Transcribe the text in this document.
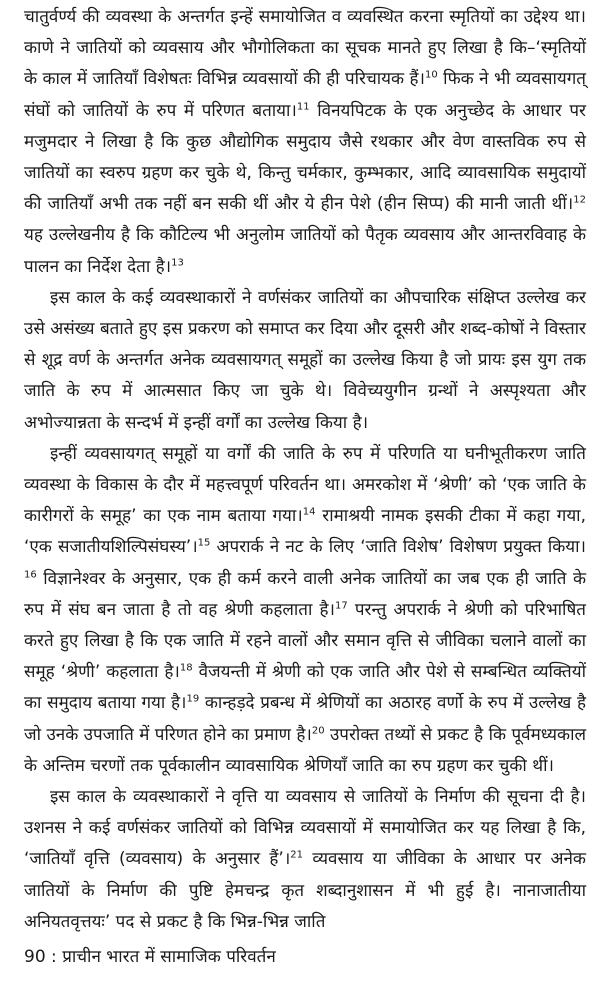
चातुर्वर्ण्य की व्यवस्था के अन्तर्गत इन्हें समायोजित व व्यवस्थित करना स्मृतियों का उद्देश्य था। काणे ने जातियों को व्यवसाय और भौगोलिकता का सूचक मानते हुए लिखा है कि–‘स्मृतियों के काल में जातियाँ विशेषतः विभिन्न व्यवसायों की ही परिचायक हैं।$^{10}$ फिक ने भी व्यवसायगत् संघों को जातियों के रुप में परिणत बताया।$^{11}$ विनयपिटक के एक अनुच्छेद के आधार पर मजुमदार ने लिखा है कि कुछ औद्योगिक समुदाय जैसे रथकार और वेण वास्तविक रुप से जातियों का स्वरुप ग्रहण कर चुके थे, किन्तु चर्मकार, कुम्भकार, आदि व्यावसायिक समुदायों की जातियाँ अभी तक नहीं बन सकी थीं और ये हीन पेशे (हीन सिप्प) की मानी जाती थीं।$^{12}$ यह उल्लेखनीय है कि कौटिल्य भी अनुलोम जातियों को पैतृक व्यवसाय और आन्तरविवाह के पालन का निर्देश देता है।$^{13}$

इस काल के कई व्यवस्थाकारों ने वर्णसंकर जातियों का औपचारिक संक्षिप्त उल्लेख कर उसे असंख्य बताते हुए इस प्रकरण को समाप्त कर दिया और दूसरी और शब्द-कोषों ने विस्तार से शूद्र वर्ण के अन्तर्गत अनेक व्यवसायगत् समूहों का उल्लेख किया है जो प्रायः इस युग तक जाति के रुप में आत्मसात किए जा चुके थे। विवेच्ययुगीन ग्रन्थों ने अस्पृश्यता और अभोज्यान्नता के सन्दर्भ में इन्हीं वर्गों का उल्लेख किया है।

इन्हीं व्यवसायगत् समूहों या वर्गों की जाति के रुप में परिणति या घनीभूतीकरण जाति व्यवस्था के विकास के दौर में महत्त्वपूर्ण परिवर्तन था। अमरकोश में ‘श्रेणी’ को ‘एक जाति के कारीगरों के समूह’ का एक नाम बताया गया।$^{14}$ रामाश्रयी नामक इसकी टीका में कहा गया, ‘एक सजातीयशिल्पिसंघस्य’।$^{15}$ अपरार्क ने नट के लिए ‘जाति विशेष’ विशेषण प्रयुक्त किया।$^{16}$ विज्ञानेश्वर के अनुसार, एक ही कर्म करने वाली अनेक जातियों का जब एक ही जाति के रुप में संघ बन जाता है तो वह श्रेणी कहलाता है।$^{17}$ परन्तु अपरार्क ने श्रेणी को परिभाषित करते हुए लिखा है कि एक जाति में रहने वालों और समान वृत्ति से जीविका चलाने वालों का समूह ‘श्रेणी’ कहलाता है।$^{18}$ वैजयन्ती में श्रेणी को एक जाति और पेशे से सम्बन्धित व्यक्तियों का समुदाय बताया गया है।$^{19}$ कान्हड़दे प्रबन्ध में श्रेणियों का अठारह वर्णो के रुप में उल्लेख है जो उनके उपजाति में परिणत होने का प्रमाण है।$^{20}$ उपरोक्त तथ्यों से प्रकट है कि पूर्वमध्यकाल के अन्तिम चरणों तक पूर्वकालीन व्यावसायिक श्रेणियाँ जाति का रुप ग्रहण कर चुकी थीं।

इस काल के व्यवस्थाकारों ने वृत्ति या व्यवसाय से जातियों के निर्माण की सूचना दी है। उशनस ने कई वर्णसंकर जातियों को विभिन्न व्यवसायों में समायोजित कर यह लिखा है कि, ‘जातियाँ वृत्ति (व्यवसाय) के अनुसार हैं’।$^{21}$ व्यवसाय या जीविका के आधार पर अनेक जातियों के निर्माण की पुष्टि हेमचन्द्र कृत शब्दानुशासन में भी हुई है। नानाजातीया अनियतवृत्तयः’ पद से प्रकट है कि भिन्न-भिन्न जाति

90 : प्राचीन भारत में सामाजिक परिवर्तन
